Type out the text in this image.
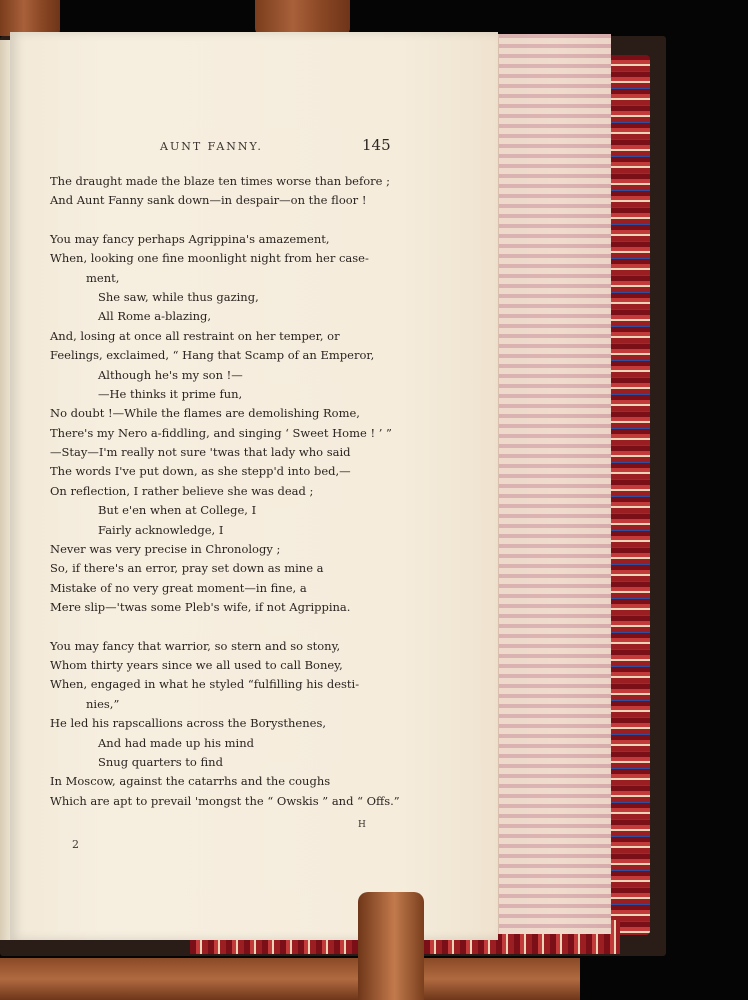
AUNT FANNY.	145
The draught made the blaze ten times worse than before ;
And Aunt Fanny sank down—in despair—on the floor !
You may fancy perhaps Agrippina's amazement,
When, looking one fine moonlight night from her case-
ment,
She saw, while thus gazing,
All Rome a-blazing,
And, losing at once all restraint on her temper, or
Feelings, exclaimed, “ Hang that Scamp of an Emperor,
Although he's my son !—
—He thinks it prime fun,
No doubt !—While the flames are demolishing Rome,
There's my Nero a-fiddling, and singing ‘ Sweet Home ! ’ ”
—Stay—I'm really not sure 'twas that lady who said
The words I've put down, as she stepp'd into bed,—
On reflection, I rather believe she was dead ;
But e'en when at College, I
Fairly acknowledge, I
Never was very precise in Chronology ;
So, if there's an error, pray set down as mine a
Mistake of no very great moment—in fine, a
Mere slip—'twas some Pleb's wife, if not Agrippina.
You may fancy that warrior, so stern and so stony,
Whom thirty years since we all used to call Boney,
When, engaged in what he styled “fulfilling his desti-
nies,”
He led his rapscallions across the Borysthenes,
And had made up his mind
Snug quarters to find
In Moscow, against the catarrhs and the coughs
Which are apt to prevail 'mongst the “ Owskis ” and “ Offs.”
2
H
